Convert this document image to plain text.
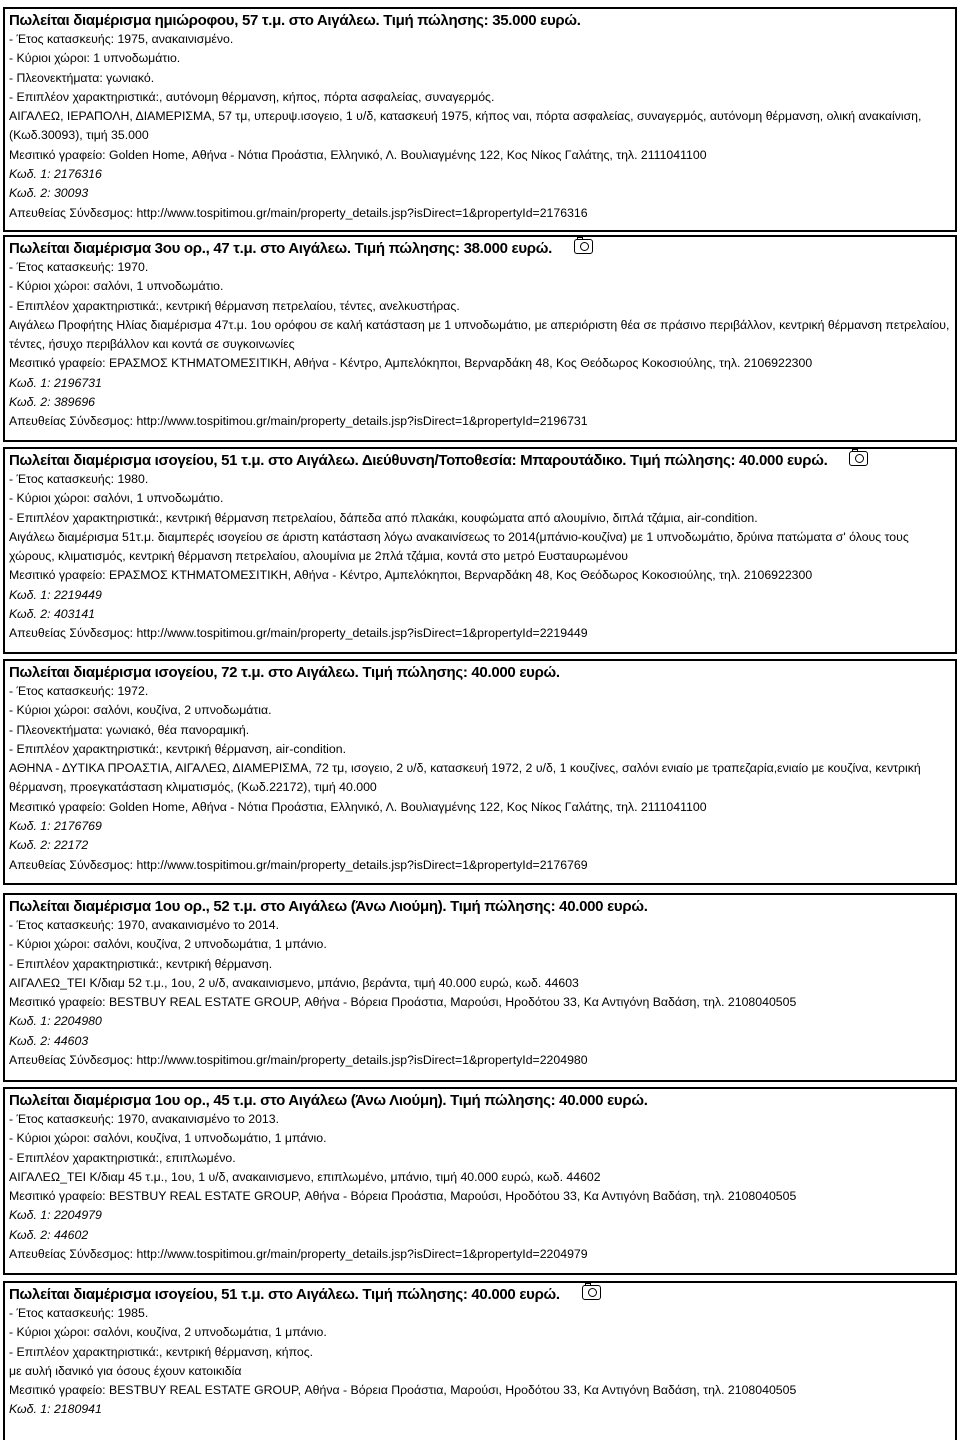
Πωλείται διαμέρισμα ημιώροφου, 57 τ.μ. στο Αιγάλεω. Τιμή πώλησης: 35.000 ευρώ.
- Έτος κατασκευής: 1975, ανακαινισμένο.
- Κύριοι χώροι: 1 υπνοδωμάτιο.
- Πλεονεκτήματα: γωνιακό.
- Επιπλέον χαρακτηριστικά:, αυτόνομη θέρμανση, κήπος, πόρτα ασφαλείας, συναγερμός.
ΑΙΓΑΛΕΩ, ΙΕΡΑΠΟΛΗ, ΔΙΑΜΕΡΙΣΜΑ, 57 τμ, υπερυψ.ισογειο, 1 υ/δ, κατασκευή 1975, κήπος ναι, πόρτα ασφαλείας, συναγερμός, αυτόνομη θέρμανση, ολική ανακαίνιση, (Κωδ.30093), τιμή 35.000
Μεσιτικό γραφείο: Golden Home, Αθήνα - Νότια Προάστια, Ελληνικό, Λ. Βουλιαγμένης 122, Κος Νίκος Γαλάτης, τηλ. 2111041100
Κωδ. 1: 2176316
Κωδ. 2: 30093
Απευθείας Σύνδεσμος: http://www.tospitimou.gr/main/property_details.jsp?isDirect=1&propertyId=2176316
Πωλείται διαμέρισμα 3ου ορ., 47 τ.μ. στο Αιγάλεω. Τιμή πώλησης: 38.000 ευρώ.
- Έτος κατασκευής: 1970.
- Κύριοι χώροι: σαλόνι, 1 υπνοδωμάτιο.
- Επιπλέον χαρακτηριστικά:, κεντρική θέρμανση πετρελαίου, τέντες, ανελκυστήρας.
Αιγάλεω Προφήτης Ηλίας διαμέρισμα 47τ.μ. 1ου ορόφου σε καλή κατάσταση με 1 υπνοδωμάτιο, με απεριόριστη θέα σε πράσινο περιβάλλον, κεντρική θέρμανση πετρελαίου, τέντες, ήσυχο περιβάλλον και κοντά σε συγκοινωνίες
Μεσιτικό γραφείο: ΕΡΑΣΜΟΣ ΚΤΗΜΑΤΟΜΕΣΙΤΙΚΗ, Αθήνα - Κέντρο, Αμπελόκηποι, Βερναρδάκη 48, Κος Θεόδωρος Κοκοσιούλης, τηλ. 2106922300
Κωδ. 1: 2196731
Κωδ. 2: 389696
Απευθείας Σύνδεσμος: http://www.tospitimou.gr/main/property_details.jsp?isDirect=1&propertyId=2196731
Πωλείται διαμέρισμα ισογείου, 51 τ.μ. στο Αιγάλεω. Διεύθυνση/Τοποθεσία: Μπαρουτάδικο. Τιμή πώλησης: 40.000 ευρώ.
- Έτος κατασκευής: 1980.
- Κύριοι χώροι: σαλόνι, 1 υπνοδωμάτιο.
- Επιπλέον χαρακτηριστικά:, κεντρική θέρμανση πετρελαίου, δάπεδα από πλακάκι, κουφώματα από αλουμίνιο, διπλά τζάμια, air-condition.
Αιγάλεω διαμέρισμα 51τ.μ. διαμπερές ισογείου σε άριστη κατάσταση λόγω ανακαινίσεως το 2014(μπάνιο-κουζίνα) με 1 υπνοδωμάτιο, δρύινα πατώματα σ' όλους τους χώρους, κλιματισμός, κεντρική θέρμανση πετρελαίου, αλουμίνια με 2πλά τζάμια, κοντά στο μετρό Ευσταυρωμένου
Μεσιτικό γραφείο: ΕΡΑΣΜΟΣ ΚΤΗΜΑΤΟΜΕΣΙΤΙΚΗ, Αθήνα - Κέντρο, Αμπελόκηποι, Βερναρδάκη 48, Κος Θεόδωρος Κοκοσιούλης, τηλ. 2106922300
Κωδ. 1: 2219449
Κωδ. 2: 403141
Απευθείας Σύνδεσμος: http://www.tospitimou.gr/main/property_details.jsp?isDirect=1&propertyId=2219449
Πωλείται διαμέρισμα ισογείου, 72 τ.μ. στο Αιγάλεω. Τιμή πώλησης: 40.000 ευρώ.
- Έτος κατασκευής: 1972.
- Κύριοι χώροι: σαλόνι, κουζίνα, 2 υπνοδωμάτια.
- Πλεονεκτήματα: γωνιακό, θέα πανοραμική.
- Επιπλέον χαρακτηριστικά:, κεντρική θέρμανση, air-condition.
ΑΘΗΝΑ - ΔΥΤΙΚΑ ΠΡΟΑΣΤΙΑ, ΑΙΓΑΛΕΩ, ΔΙΑΜΕΡΙΣΜΑ, 72 τμ, ισογειο, 2 υ/δ, κατασκευή 1972, 2 υ/δ, 1 κουζίνες, σαλόνι ενιαίο με τραπεζαρία,ενιαίο με κουζίνα, κεντρική θέρμανση, προεγκατάσταση κλιματισμός, (Κωδ.22172), τιμή 40.000
Μεσιτικό γραφείο: Golden Home, Αθήνα - Νότια Προάστια, Ελληνικό, Λ. Βουλιαγμένης 122, Κος Νίκος Γαλάτης, τηλ. 2111041100
Κωδ. 1: 2176769
Κωδ. 2: 22172
Απευθείας Σύνδεσμος: http://www.tospitimou.gr/main/property_details.jsp?isDirect=1&propertyId=2176769
Πωλείται διαμέρισμα 1ου ορ., 52 τ.μ. στο Αιγάλεω (Άνω Λιούμη). Τιμή πώλησης: 40.000 ευρώ.
- Έτος κατασκευής: 1970, ανακαινισμένο το 2014.
- Κύριοι χώροι: σαλόνι, κουζίνα, 2 υπνοδωμάτια, 1 μπάνιο.
- Επιπλέον χαρακτηριστικά:, κεντρική θέρμανση.
ΑΙΓΑΛΕΩ_ΤΕΙ Κ/διαμ 52 τ.μ., 1ου, 2 υ/δ, ανακαινισμενο, μπάνιο, βεράντα, τιμή 40.000 ευρώ, κωδ. 44603
Μεσιτικό γραφείο: BESTBUY REAL ESTATE GROUP, Αθήνα - Βόρεια Προάστια, Μαρούσι, Ηροδότου 33, Κα Αντιγόνη Βαδάση, τηλ. 2108040505
Κωδ. 1: 2204980
Κωδ. 2: 44603
Απευθείας Σύνδεσμος: http://www.tospitimou.gr/main/property_details.jsp?isDirect=1&propertyId=2204980
Πωλείται διαμέρισμα 1ου ορ., 45 τ.μ. στο Αιγάλεω (Άνω Λιούμη). Τιμή πώλησης: 40.000 ευρώ.
- Έτος κατασκευής: 1970, ανακαινισμένο το 2013.
- Κύριοι χώροι: σαλόνι, κουζίνα, 1 υπνοδωμάτιο, 1 μπάνιο.
- Επιπλέον χαρακτηριστικά:, επιπλωμένο.
ΑΙΓΑΛΕΩ_ΤΕΙ Κ/διαμ 45 τ.μ., 1ου, 1 υ/δ, ανακαινισμενο, επιπλωμένο, μπάνιο, τιμή 40.000 ευρώ, κωδ. 44602
Μεσιτικό γραφείο: BESTBUY REAL ESTATE GROUP, Αθήνα - Βόρεια Προάστια, Μαρούσι, Ηροδότου 33, Κα Αντιγόνη Βαδάση, τηλ. 2108040505
Κωδ. 1: 2204979
Κωδ. 2: 44602
Απευθείας Σύνδεσμος: http://www.tospitimou.gr/main/property_details.jsp?isDirect=1&propertyId=2204979
Πωλείται διαμέρισμα ισογείου, 51 τ.μ. στο Αιγάλεω. Τιμή πώλησης: 40.000 ευρώ.
- Έτος κατασκευής: 1985.
- Κύριοι χώροι: σαλόνι, κουζίνα, 2 υπνοδωμάτια, 1 μπάνιο.
- Επιπλέον χαρακτηριστικά:, κεντρική θέρμανση, κήπος.
με αυλή ιδανικό για όσους έχουν κατοικιδία
Μεσιτικό γραφείο: BESTBUY REAL ESTATE GROUP, Αθήνα - Βόρεια Προάστια, Μαρούσι, Ηροδότου 33, Κα Αντιγόνη Βαδάση, τηλ. 2108040505
Κωδ. 1: 2180941
